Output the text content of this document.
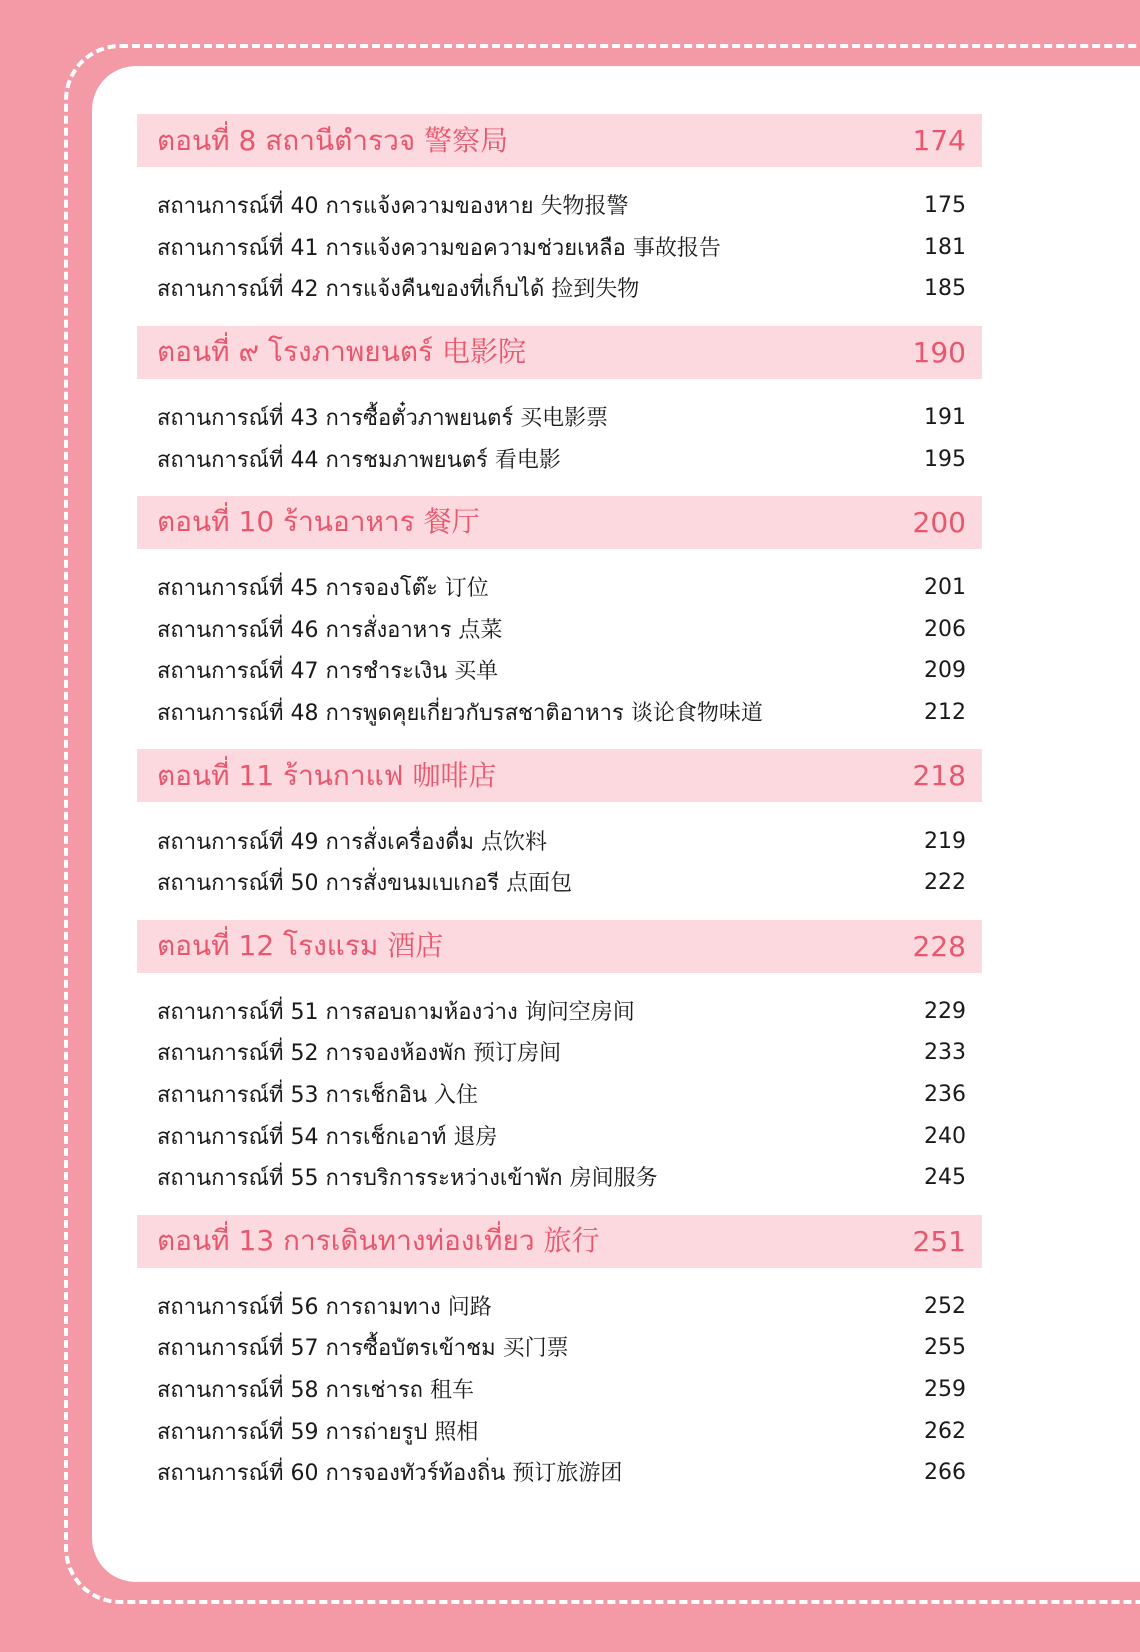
ตอนที่ 8 สถานีตำรวจ 警察局	174
สถานการณ์ที่ 40 การแจ้งความของหาย 失物报警	175
สถานการณ์ที่ 41 การแจ้งความขอความช่วยเหลือ 事故报告	181
สถานการณ์ที่ 42 การแจ้งคืนของที่เก็บได้ 捡到失物	185
ตอนที่ ๙ โรงภาพยนตร์ 电影院	190
สถานการณ์ที่ 43 การซื้อตั๋วภาพยนตร์ 买电影票	191
สถานการณ์ที่ 44 การชมภาพยนตร์ 看电影	195
ตอนที่ 10 ร้านอาหาร 餐厅	200
สถานการณ์ที่ 45 การจองโต๊ะ 订位	201
สถานการณ์ที่ 46 การสั่งอาหาร 点菜	206
สถานการณ์ที่ 47 การชำระเงิน 买单	209
สถานการณ์ที่ 48 การพูดคุยเกี่ยวกับรสชาติอาหาร 谈论食物味道	212
ตอนที่ 11 ร้านกาแฟ 咖啡店	218
สถานการณ์ที่ 49 การสั่งเครื่องดื่ม 点饮料	219
สถานการณ์ที่ 50 การสั่งขนมเบเกอรี 点面包	222
ตอนที่ 12 โรงแรม 酒店	228
สถานการณ์ที่ 51 การสอบถามห้องว่าง 询问空房间	229
สถานการณ์ที่ 52 การจองห้องพัก 预订房间	233
สถานการณ์ที่ 53 การเช็กอิน 入住	236
สถานการณ์ที่ 54 การเช็กเอาท์ 退房	240
สถานการณ์ที่ 55 การบริการระหว่างเข้าพัก 房间服务	245
ตอนที่ 13 การเดินทางท่องเที่ยว 旅行	251
สถานการณ์ที่ 56 การถามทาง 问路	252
สถานการณ์ที่ 57 การซื้อบัตรเข้าชม 买门票	255
สถานการณ์ที่ 58 การเช่ารถ 租车	259
สถานการณ์ที่ 59 การถ่ายรูป 照相	262
สถานการณ์ที่ 60 การจองทัวร์ท้องถิ่น 预订旅游团	266
